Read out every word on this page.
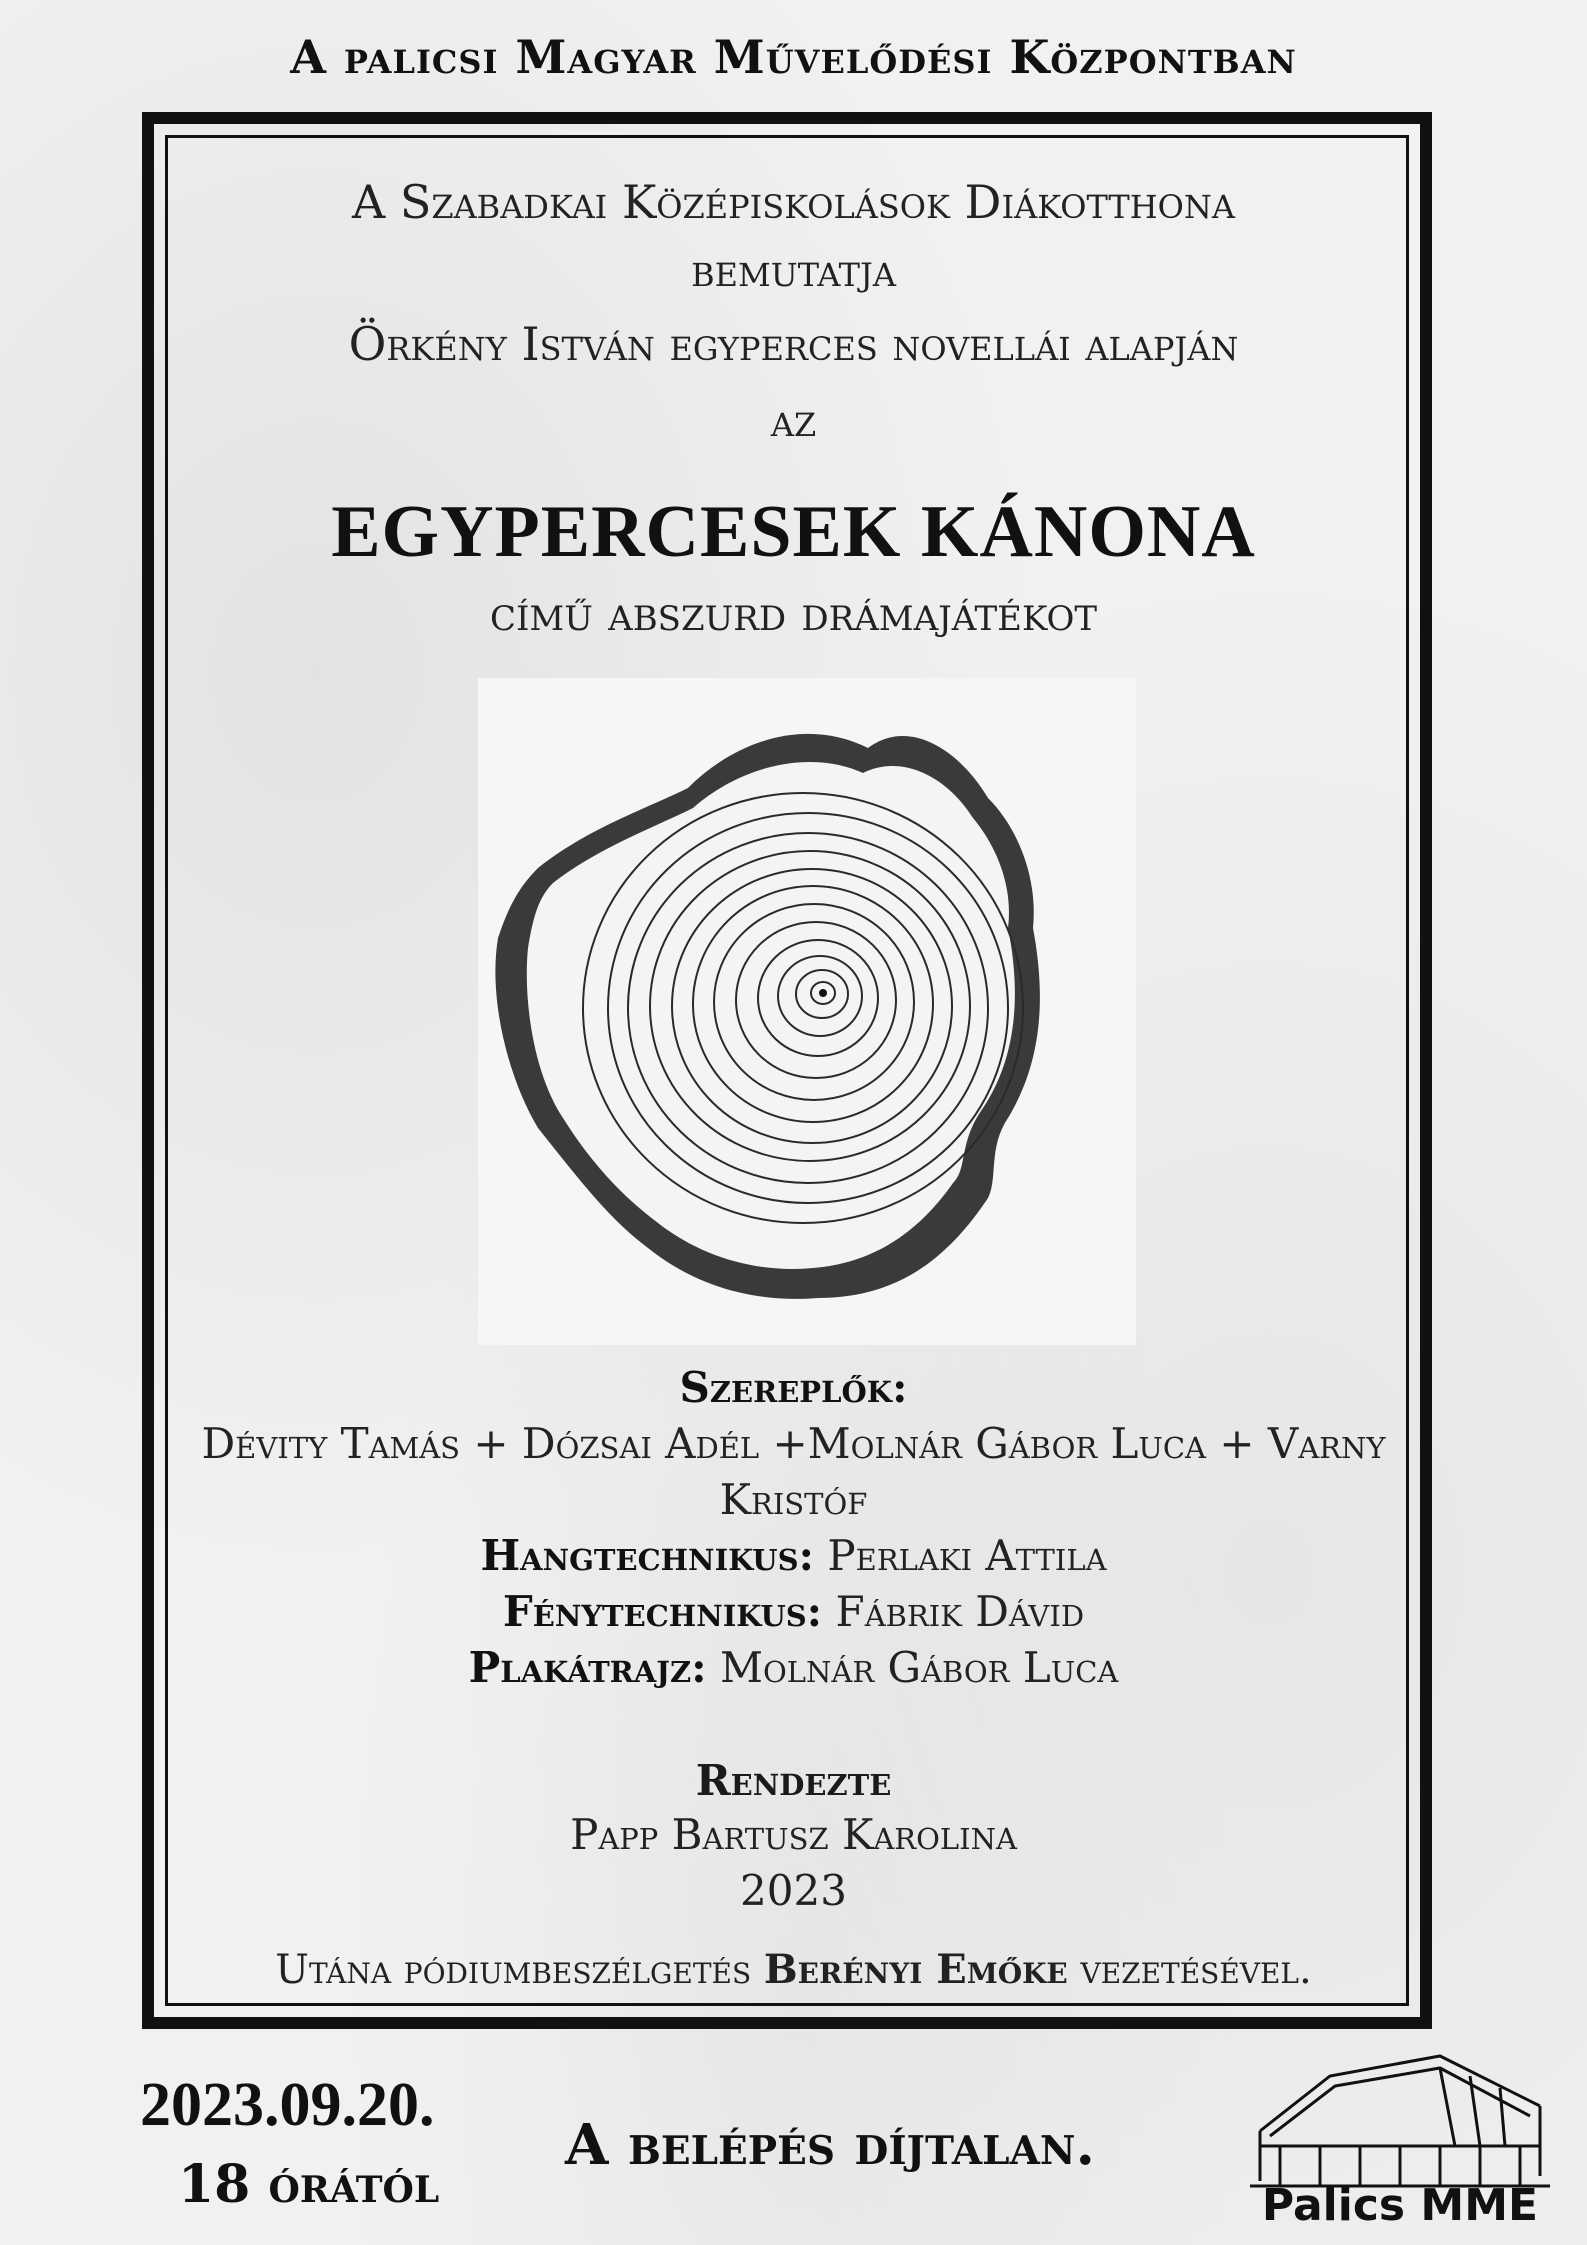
A palicsi Magyar Művelődési Központban

A Szabadkai Középiskolások Diákotthona

bemutatja

Örkény István egyperces novellái alapján

az

EGYPERCESEK KÁNONA
című abszurd drámajátékot

Szereplők:

Dévity Tamás + Dózsai Adél +Molnár Gábor Luca + Varny

Kristóf

Hangtechnikus: Perlaki Attila

Fénytechnikus: Fábrik Dávid

Plakátrajz: Molnár Gábor Luca

Rendezte
Papp Bartusz Karolina
2023
Utána pódiumbeszélgetés Berényi Emőke vezetésével.
2023.09.20.
18 órától
A belépés díjtalan.
Palics MME
